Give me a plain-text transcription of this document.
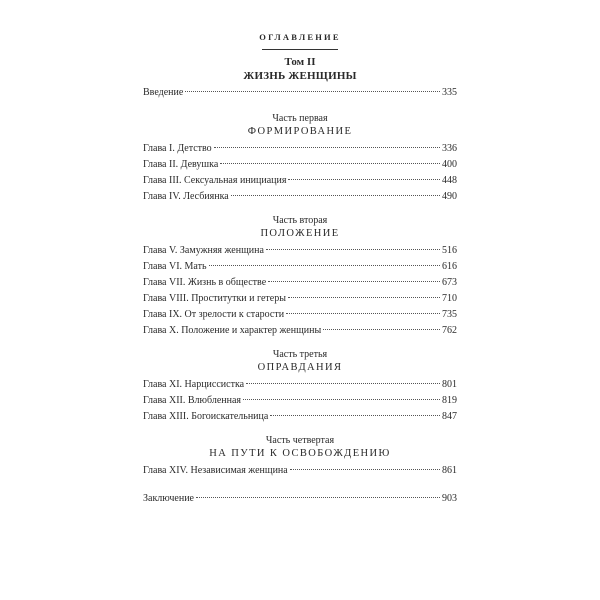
ОГЛАВЛЕНИЕ
Том II
ЖИЗНЬ ЖЕНЩИНЫ
Введение	335
Часть первая
ФОРМИРОВАНИЕ
Глава I. Детство	336
Глава II. Девушка	400
Глава III. Сексуальная инициация	448
Глава IV. Лесбиянка	490
Часть вторая
ПОЛОЖЕНИЕ
Глава V. Замужняя женщина	516
Глава VI. Мать	616
Глава VII. Жизнь в обществе	673
Глава VIII. Проститутки и гетеры	710
Глава IX. От зрелости к старости	735
Глава X. Положение и характер женщины	762
Часть третья
ОПРАВДАНИЯ
Глава XI. Нарциссистка	801
Глава XII. Влюбленная	819
Глава XIII. Богоискательница	847
Часть четвертая
НА ПУТИ К ОСВОБОЖДЕНИЮ
Глава XIV. Независимая женщина	861
Заключение	903
